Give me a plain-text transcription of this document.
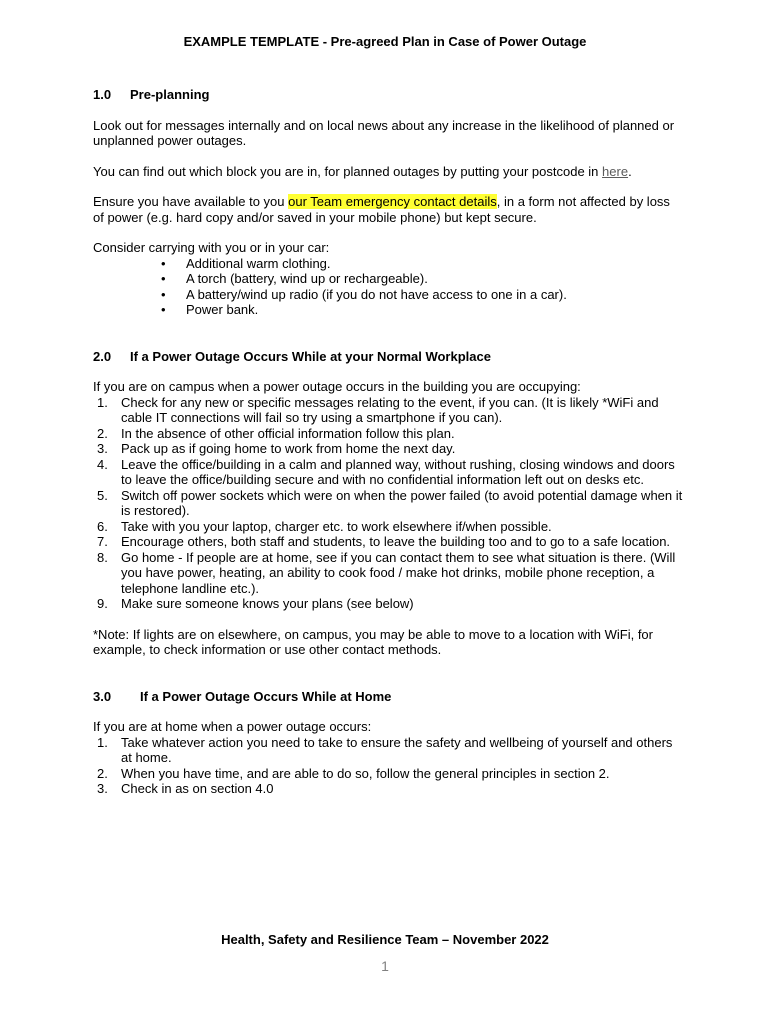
EXAMPLE TEMPLATE - Pre-agreed Plan in Case of Power Outage
1.0	Pre-planning

Look out for messages internally and on local news about any increase in the likelihood of planned or unplanned power outages.

You can find out which block you are in, for planned outages by putting your postcode in here.

Ensure you have available to you our Team emergency contact details, in a form not affected by loss of power (e.g. hard copy and/or saved in your mobile phone) but kept secure.

Consider carrying with you or in your car:

• Additional warm clothing.
• A torch (battery, wind up or rechargeable).
• A battery/wind up radio (if you do not have access to one in a car).
• Power bank.
2.0	If a Power Outage Occurs While at your Normal Workplace

If you are on campus when a power outage occurs in the building you are occupying:

1. Check for any new or specific messages relating to the event, if you can. (It is likely *WiFi and cable IT connections will fail so try using a smartphone if you can).
2. In the absence of other official information follow this plan.
3. Pack up as if going home to work from home the next day.
4. Leave the office/building in a calm and planned way, without rushing, closing windows and doors to leave the office/building secure and with no confidential information left out on desks etc.
5. Switch off power sockets which were on when the power failed (to avoid potential damage when it is restored).
6. Take with you your laptop, charger etc. to work elsewhere if/when possible.
7. Encourage others, both staff and students, to leave the building too and to go to a safe location.
8. Go home - If people are at home, see if you can contact them to see what situation is there. (Will you have power, heating, an ability to cook food / make hot drinks, mobile phone reception, a telephone landline etc.).
9. Make sure someone knows your plans (see below)

*Note: If lights are on elsewhere, on campus, you may be able to move to a location with WiFi, for example, to check information or use other contact methods.

3.0	If a Power Outage Occurs While at Home

If you are at home when a power outage occurs:

1. Take whatever action you need to take to ensure the safety and wellbeing of yourself and others at home.
2. When you have time, and are able to do so, follow the general principles in section 2.
3. Check in as on section 4.0
Health, Safety and Resilience Team – November 2022
1
